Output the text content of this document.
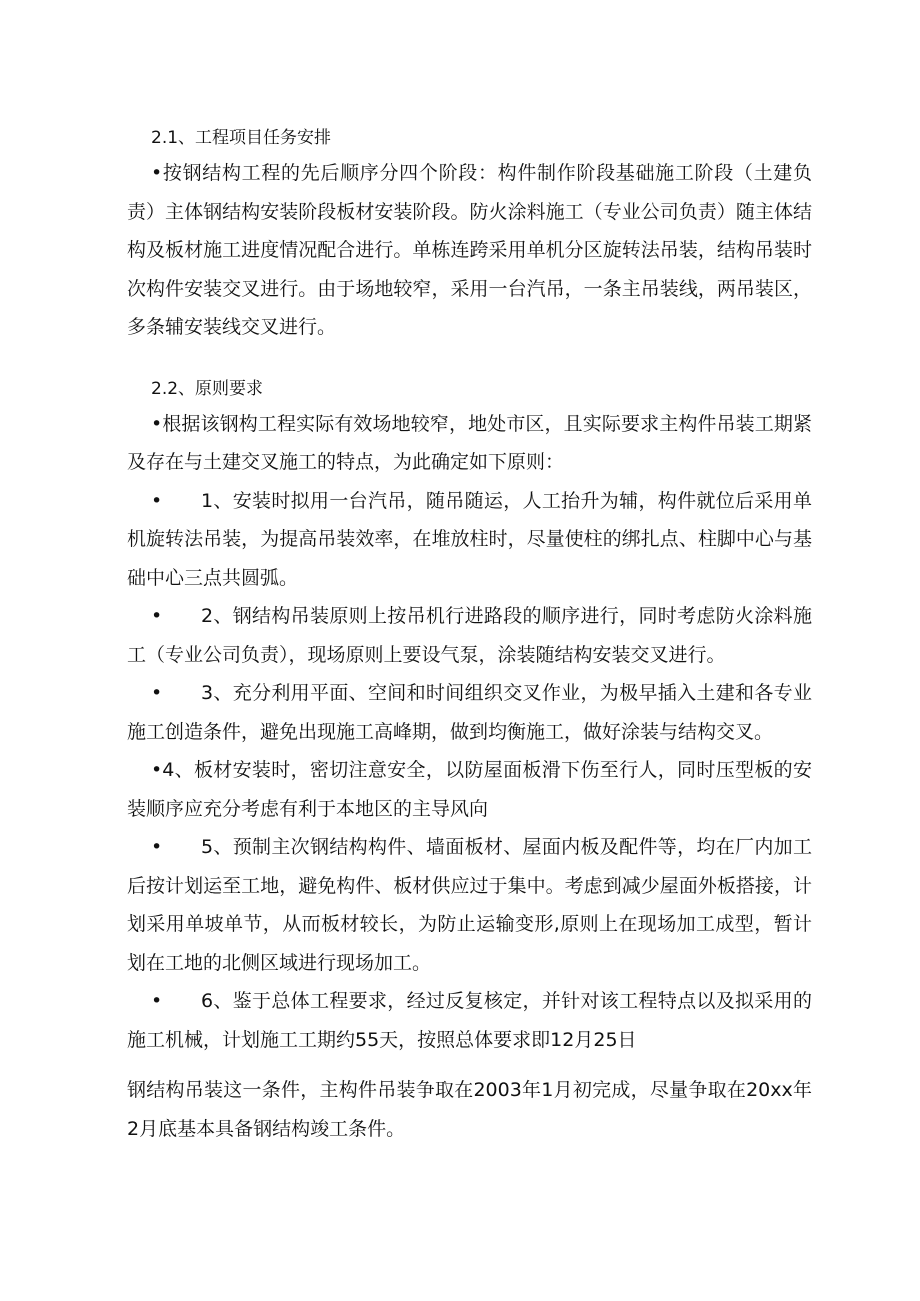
2.1、工程项目任务安排

•按钢结构工程的先后顺序分四个阶段：构件制作阶段基础施工阶段（土建负责）主体钢结构安装阶段板材安装阶段。防火涂料施工（专业公司负责）随主体结构及板材施工进度情况配合进行。单栋连跨采用单机分区旋转法吊装，结构吊装时次构件安装交叉进行。由于场地较窄，采用一台汽吊，一条主吊装线，两吊装区，多条辅安装线交叉进行。

2.2、原则要求

•根据该钢构工程实际有效场地较窄，地处市区，且实际要求主构件吊装工期紧及存在与土建交叉施工的特点，为此确定如下原则：

• 1、安装时拟用一台汽吊，随吊随运，人工抬升为辅，构件就位后采用单机旋转法吊装，为提高吊装效率，在堆放柱时，尽量使柱的绑扎点、柱脚中心与基础中心三点共圆弧。

• 2、钢结构吊装原则上按吊机行进路段的顺序进行，同时考虑防火涂料施工（专业公司负责），现场原则上要设气泵，涂装随结构安装交叉进行。

• 3、充分利用平面、空间和时间组织交叉作业，为极早插入土建和各专业施工创造条件，避免出现施工高峰期，做到均衡施工，做好涂装与结构交叉。

•4、板材安装时，密切注意安全，以防屋面板滑下伤至行人，同时压型板的安装顺序应充分考虑有利于本地区的主导风向

• 5、预制主次钢结构构件、墙面板材、屋面内板及配件等，均在厂内加工后按计划运至工地，避免构件、板材供应过于集中。考虑到减少屋面外板搭接，计划采用单坡单节，从而板材较长，为防止运输变形,原则上在现场加工成型，暂计划在工地的北侧区域进行现场加工。

• 6、鉴于总体工程要求，经过反复核定，并针对该工程特点以及拟采用的施工机械，计划施工工期约55天，按照总体要求即12月25日

钢结构吊装这一条件，主构件吊装争取在2003年1月初完成，尽量争取在20xx年2月底基本具备钢结构竣工条件。
